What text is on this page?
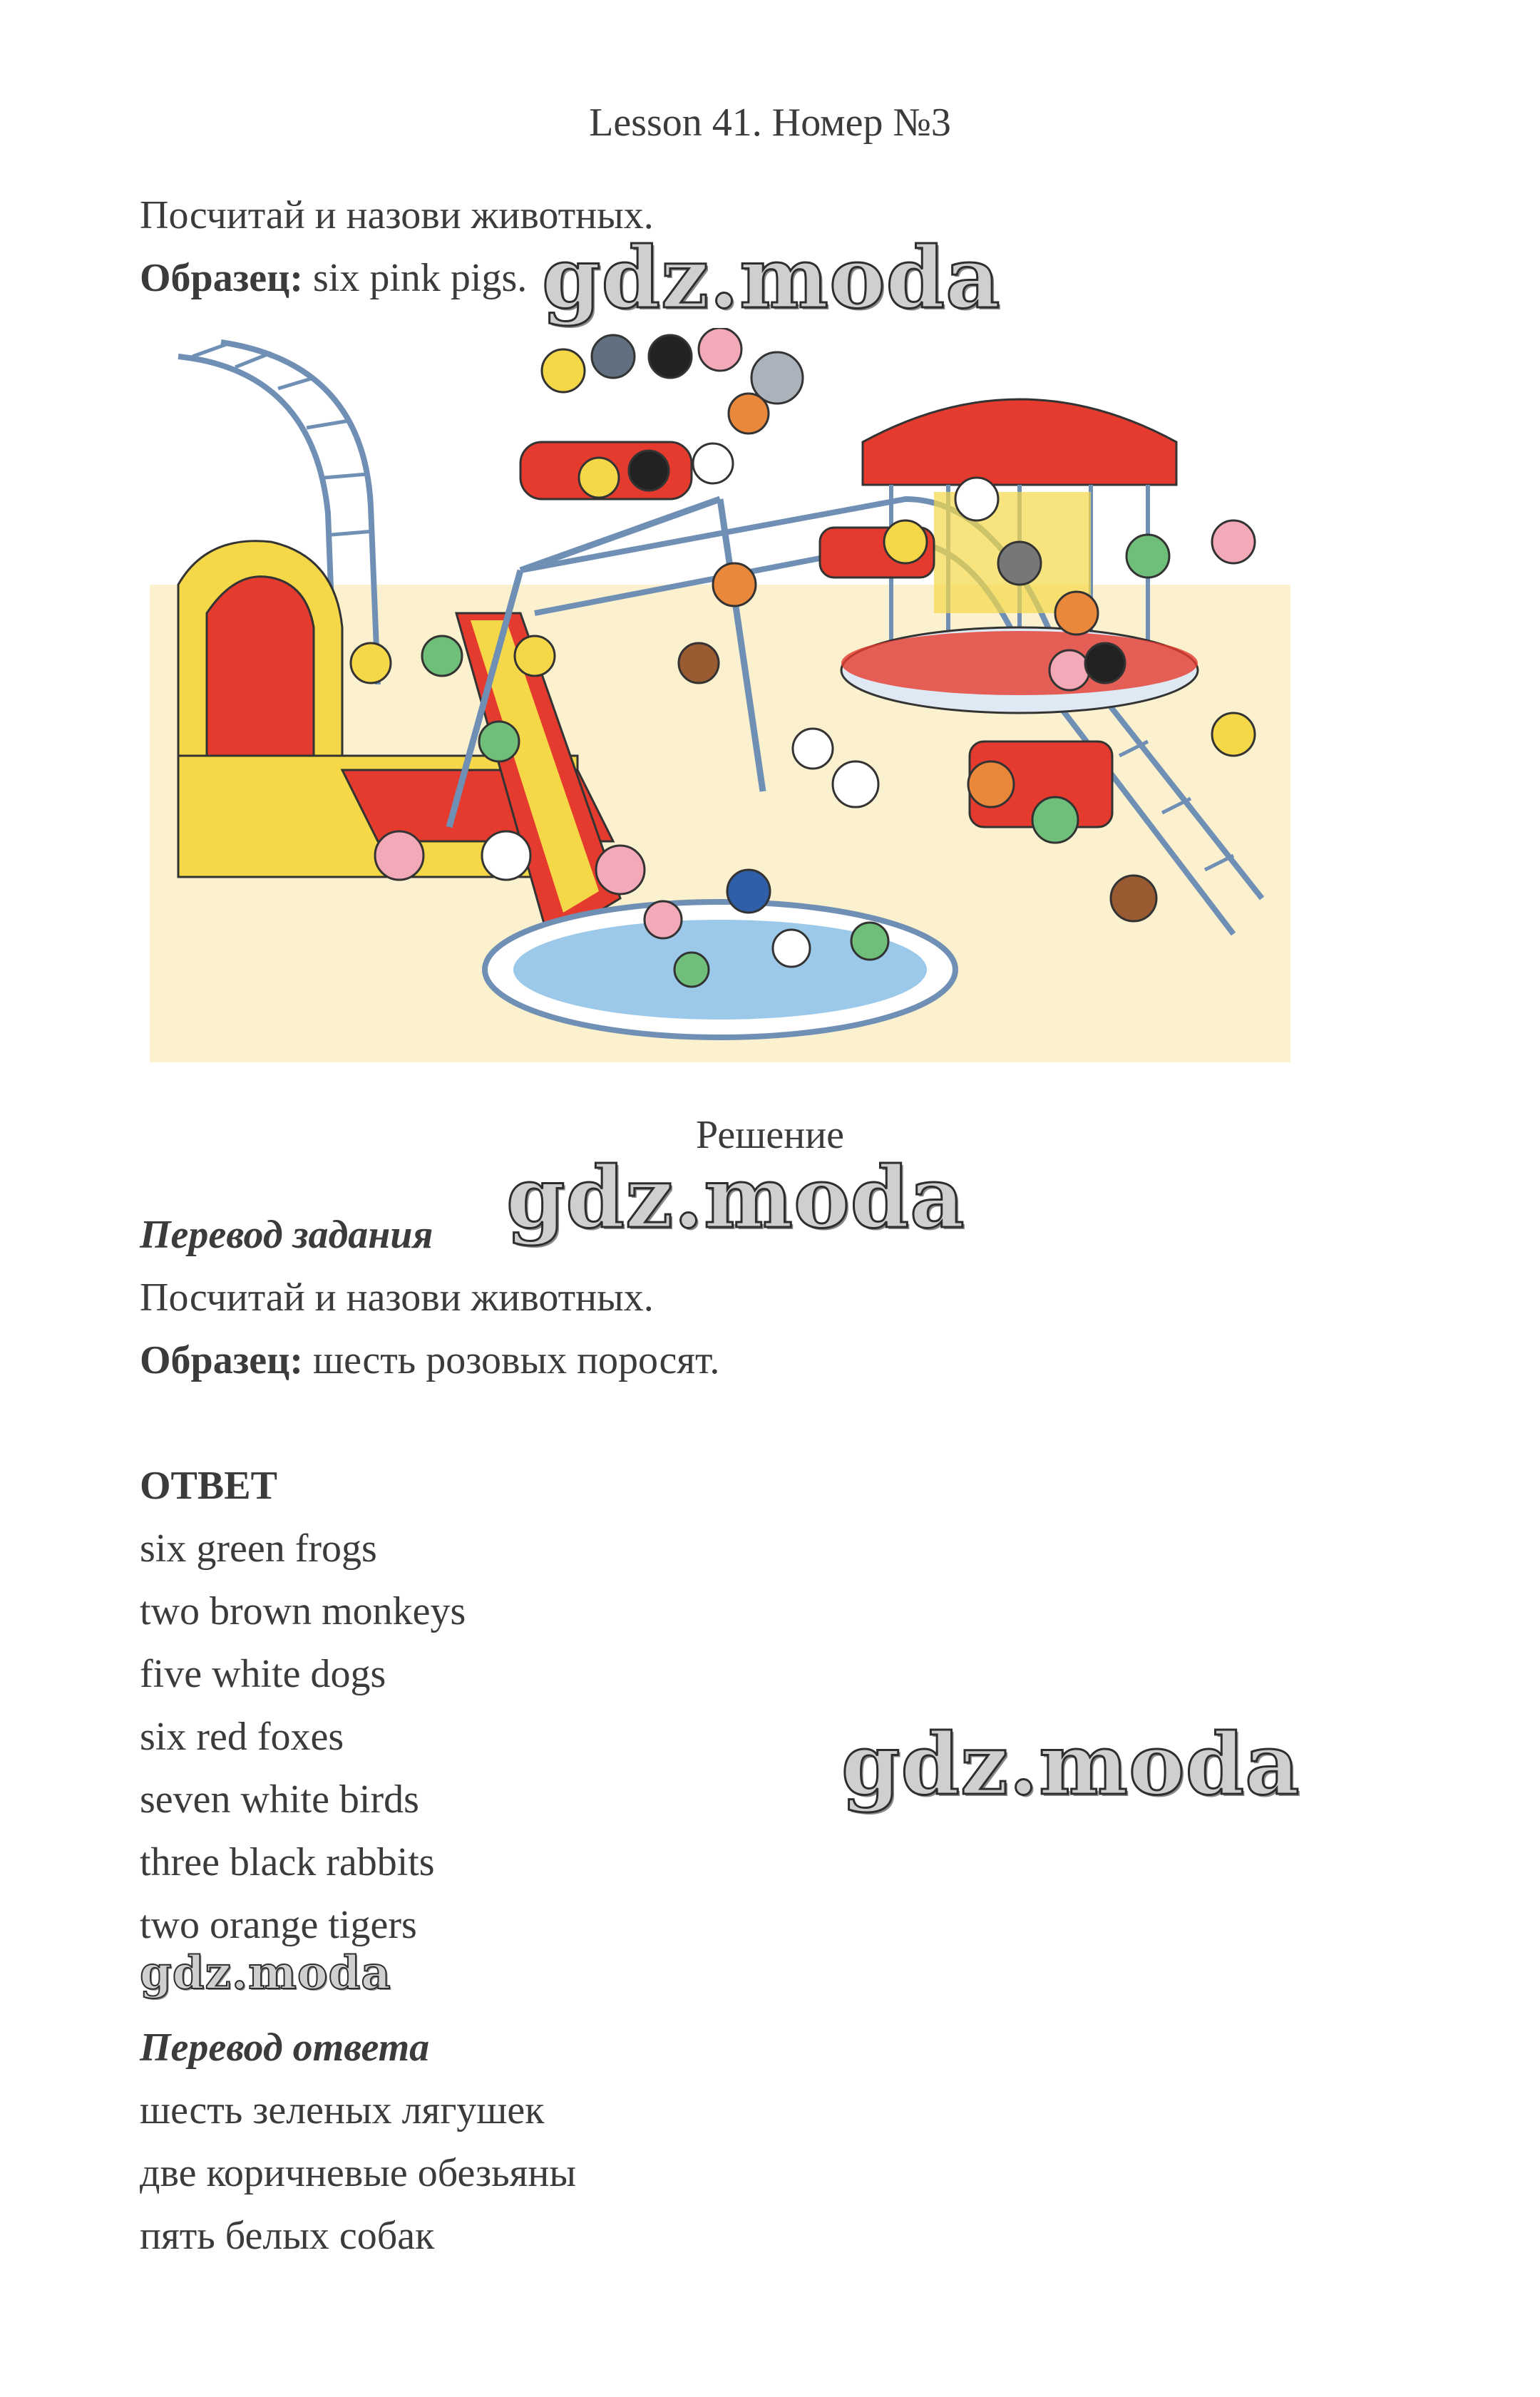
Lesson 41. Номер №3
Посчитай и назови животных.
Образец: six pink pigs. gdz.moda
Решение
gdz.moda
Перевод задания
Посчитай и назови животных.
Образец: шесть розовых поросят.
ОТВЕТ
six green frogs
two brown monkeys
five white dogs
six red foxes
seven white birds
three black rabbits
two orange tigers
gdz.moda
gdz.moda
Перевод ответа
шесть зеленых лягушек
две коричневые обезьяны
пять белых собак
